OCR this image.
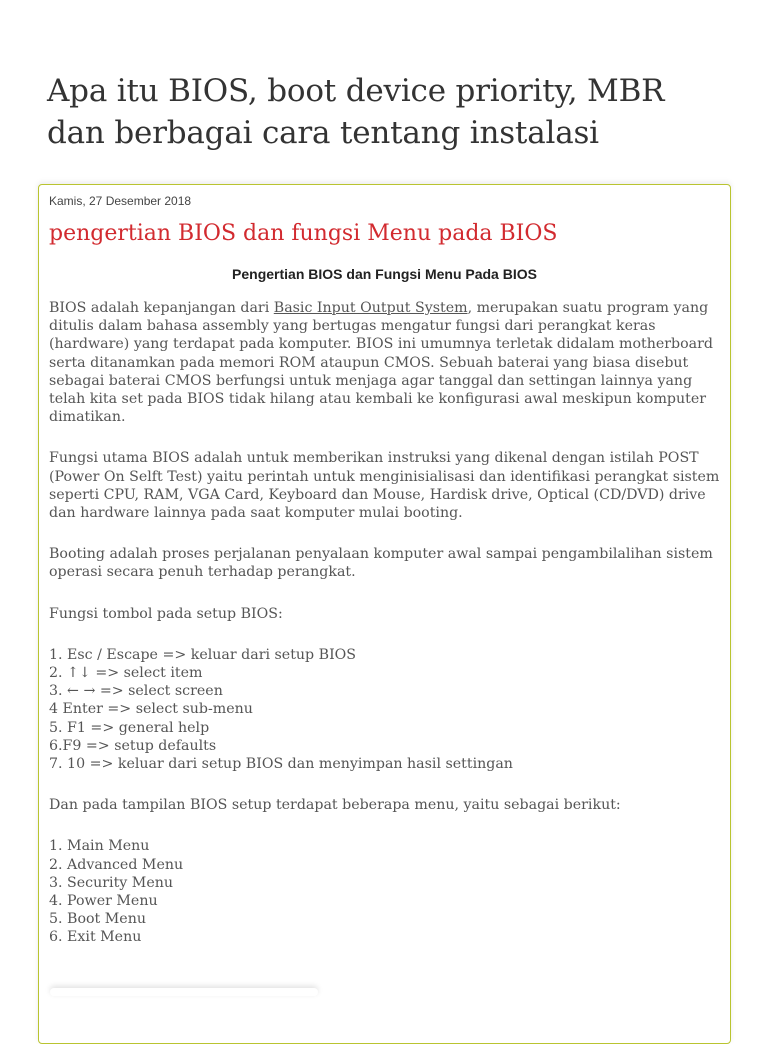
Apa itu BIOS, boot device priority, MBR dan berbagai cara tentang instalasi
Kamis, 27 Desember 2018
pengertian BIOS dan fungsi Menu pada BIOS
Pengertian BIOS dan Fungsi Menu Pada BIOS

BIOS adalah kepanjangan dari Basic Input Output System, merupakan suatu program yang ditulis dalam bahasa assembly yang bertugas mengatur fungsi dari perangkat keras (hardware) yang terdapat pada komputer. BIOS ini umumnya terletak didalam motherboard serta ditanamkan pada memori ROM ataupun CMOS. Sebuah baterai yang biasa disebut sebagai baterai CMOS berfungsi untuk menjaga agar tanggal dan settingan lainnya yang telah kita set pada BIOS tidak hilang atau kembali ke konfigurasi awal meskipun komputer dimatikan.

Fungsi utama BIOS adalah untuk memberikan instruksi yang dikenal dengan istilah POST (Power On Selft Test) yaitu perintah untuk menginisialisasi dan identifikasi perangkat sistem seperti CPU, RAM, VGA Card, Keyboard dan Mouse, Hardisk drive, Optical (CD/DVD) drive dan hardware lainnya pada saat komputer mulai booting.

Booting adalah proses perjalanan penyalaan komputer awal sampai pengambilalihan sistem operasi secara penuh terhadap perangkat.

Fungsi tombol pada setup BIOS:

1. Esc / Escape => keluar dari setup BIOS
2. ↑↓ => select item
3. ← → => select screen
4 Enter => select sub-menu
5. F1 => general help
6.F9 => setup defaults
7. 10 => keluar dari setup BIOS dan menyimpan hasil settingan

Dan pada tampilan BIOS setup terdapat beberapa menu, yaitu sebagai berikut:

1. Main Menu
2. Advanced Menu
3. Security Menu
4. Power Menu
5. Boot Menu
6. Exit Menu
